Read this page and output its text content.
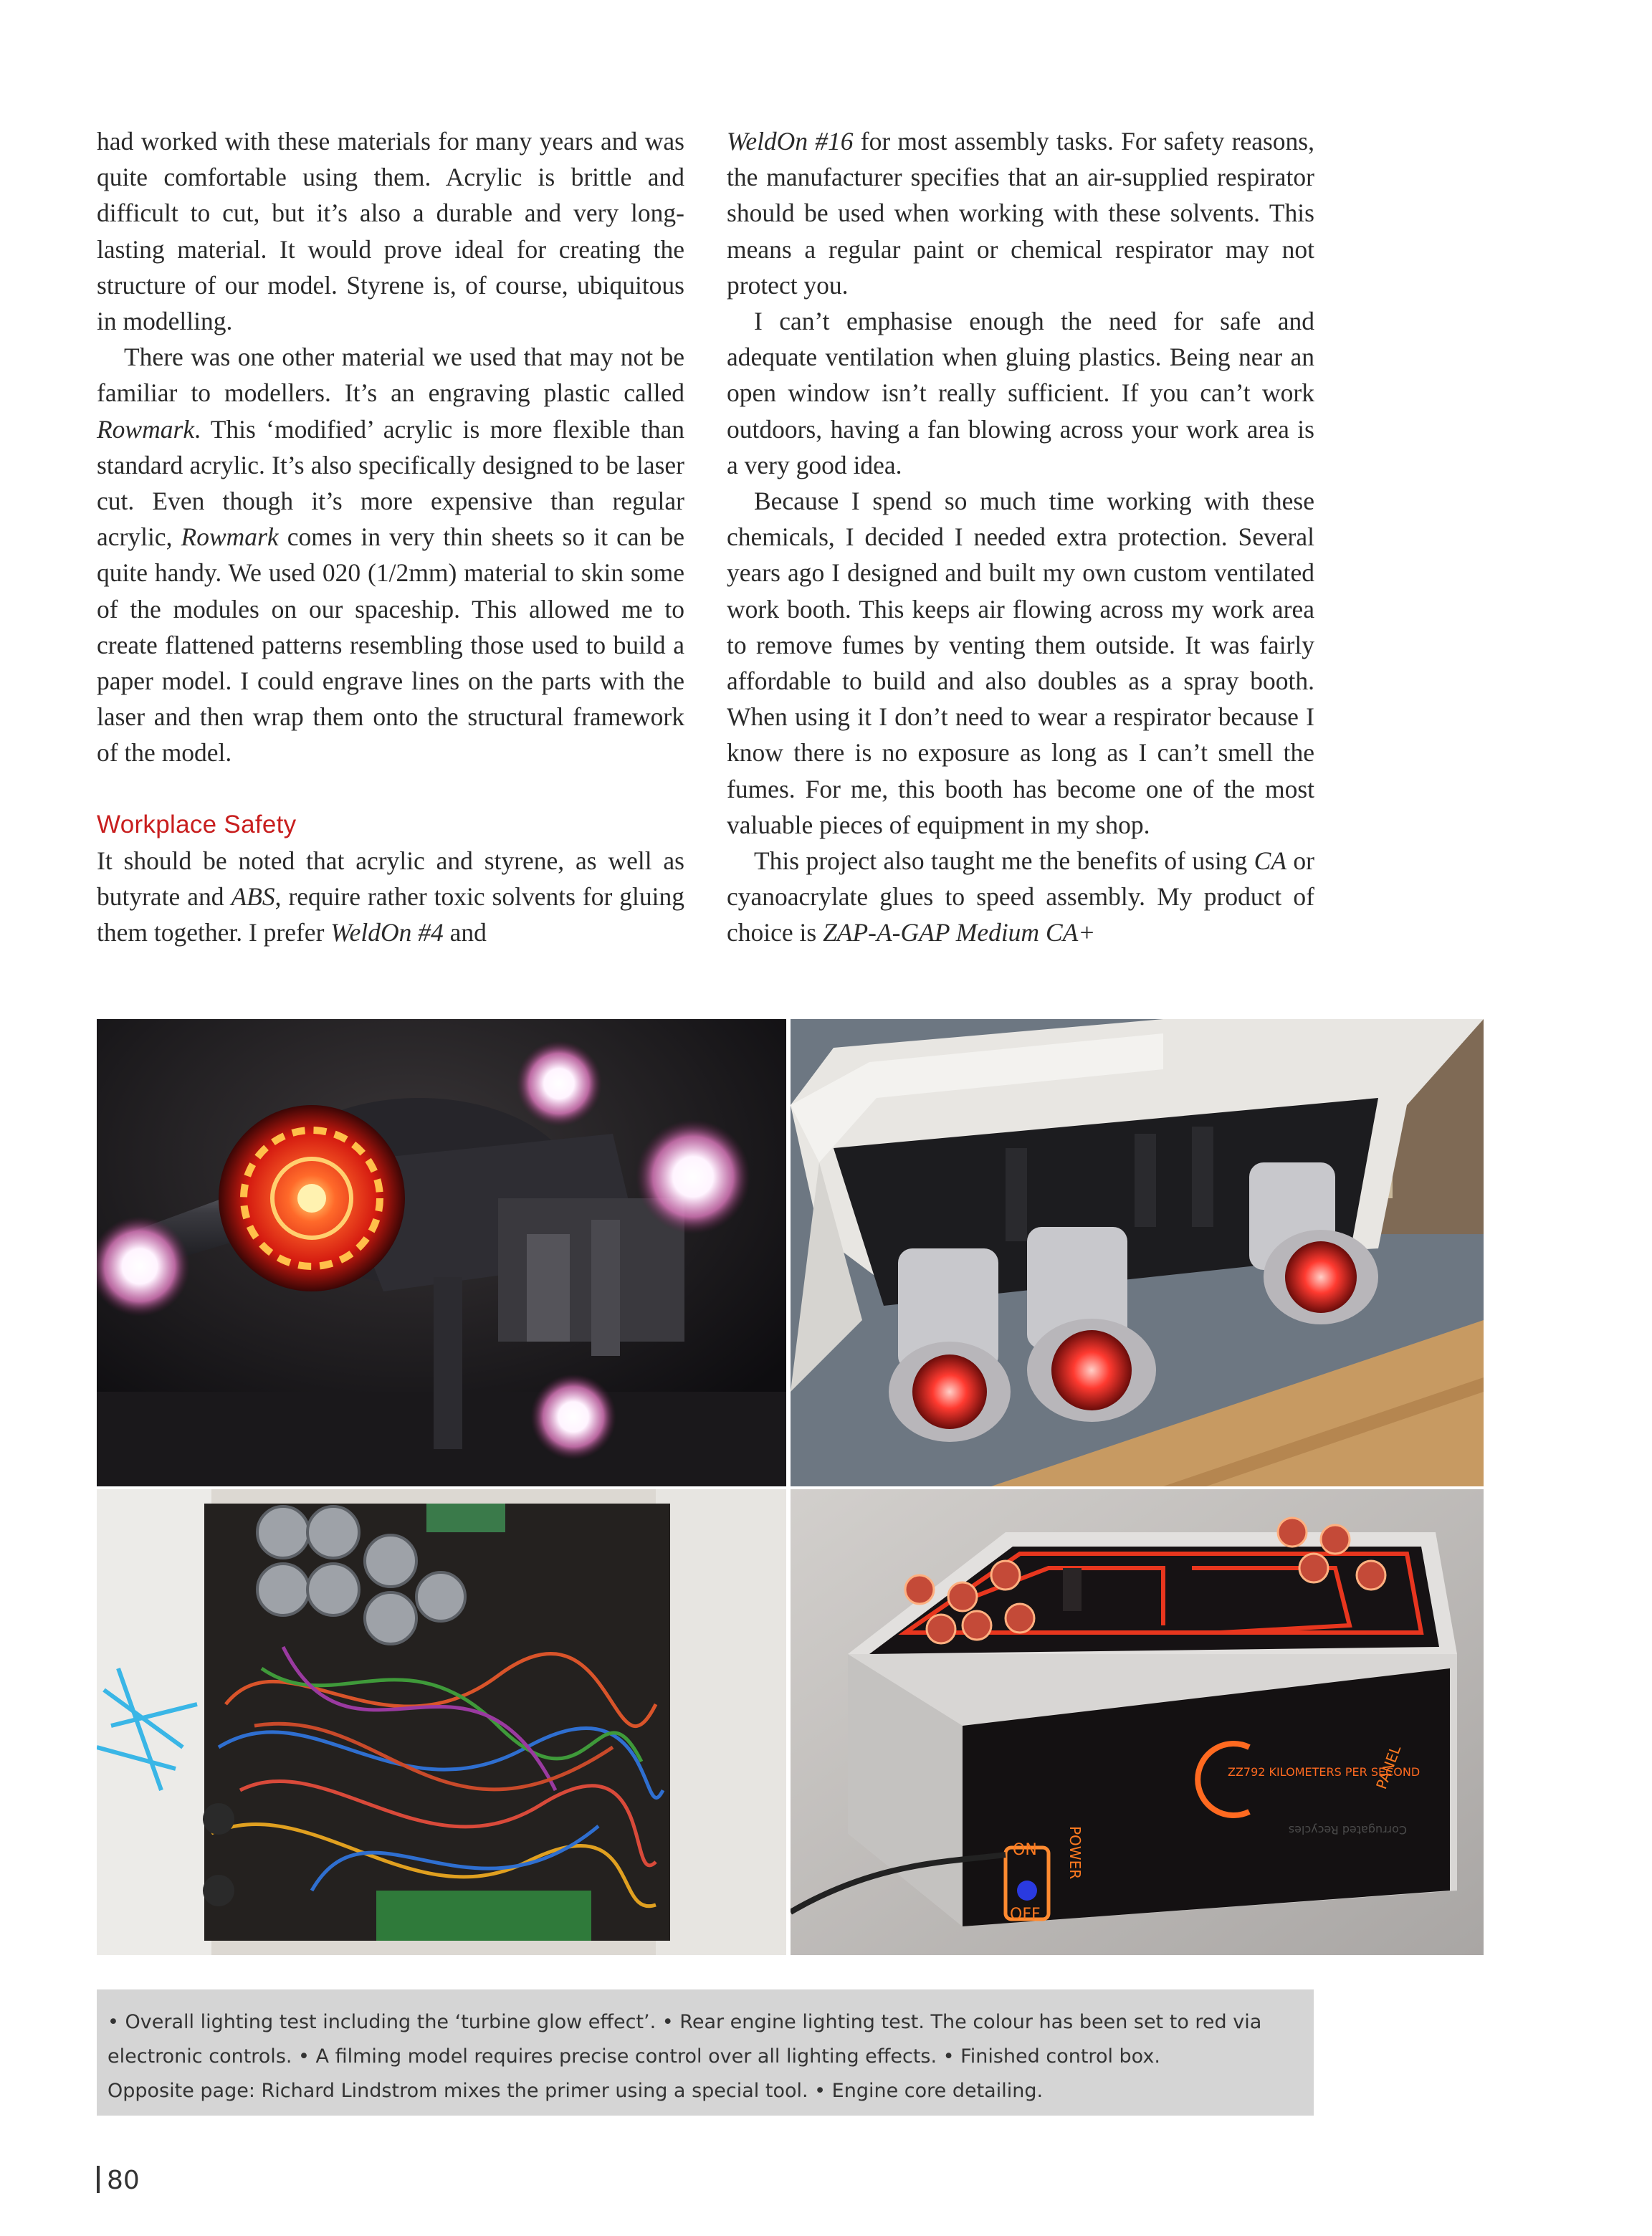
had worked with these materials for many years and was quite comfortable using them. Acrylic is brittle and difficult to cut, but it’s also a durable and very long-lasting material. It would prove ideal for creating the structure of our model. Styrene is, of course, ubiquitous in modelling.

There was one other material we used that may not be familiar to modellers. It’s an engraving plastic called Rowmark. This ‘modified’ acrylic is more flexible than standard acrylic. It’s also specifically designed to be laser cut. Even though it’s more expensive than regular acrylic, Rowmark comes in very thin sheets so it can be quite handy. We used 020 (1/2mm) material to skin some of the modules on our spaceship. This allowed me to create flattened patterns resembling those used to build a paper model. I could engrave lines on the parts with the laser and then wrap them onto the structural framework of the model.

Workplace Safety

It should be noted that acrylic and styrene, as well as butyrate and ABS, require rather toxic solvents for gluing them together. I prefer WeldOn #4 and

WeldOn #16 for most assembly tasks. For safety reasons, the manufacturer specifies that an air-supplied respirator should be used when working with these solvents. This means a regular paint or chemical respirator may not protect you.

I can’t emphasise enough the need for safe and adequate ventilation when gluing plastics. Being near an open window isn’t really sufficient. If you can’t work outdoors, having a fan blowing across your work area is a very good idea.

Because I spend so much time working with these chemicals, I decided I needed extra protection. Several years ago I designed and built my own custom ventilated work booth. This keeps air flowing across my work area to remove fumes by venting them outside. It was fairly affordable to build and also doubles as a spray booth. When using it I don’t need to wear a respirator because I know there is no exposure as long as I can’t smell the fumes. For me, this booth has become one of the most valuable pieces of equipment in my shop.

This project also taught me the benefits of using CA or cyanoacrylate glues to speed assembly. My product of choice is ZAP-A-GAP Medium CA+

ON
OFF
POWER
PANEL
ZZ792 KILOMETERS PER SECOND
Corrugated Recycles
• Overall lighting test including the ‘turbine glow effect’. • Rear engine lighting test. The colour has been set to red via
electronic controls. • A filming model requires precise control over all lighting effects. • Finished control box.
Opposite page: Richard Lindstrom mixes the primer using a special tool. • Engine core detailing.
80
